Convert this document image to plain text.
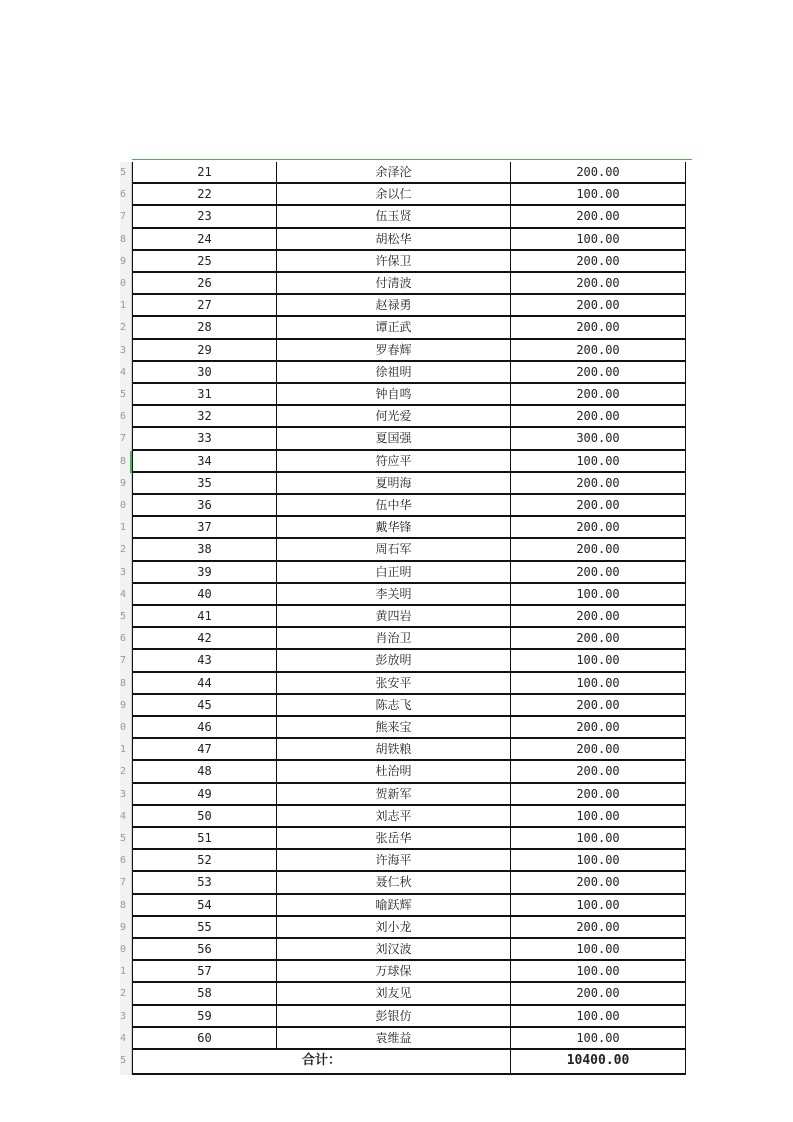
5	21	余泽沦	200.00
6	22	余以仁	100.00
7	23	伍玉贤	200.00
8	24	胡松华	100.00
9	25	许保卫	200.00
0	26	付清波	200.00
1	27	赵禄勇	200.00
2	28	谭正武	200.00
3	29	罗春辉	200.00
4	30	徐祖明	200.00
5	31	钟自鸣	200.00
6	32	何光爱	200.00
7	33	夏国强	300.00
8	34	符应平	100.00
9	35	夏明海	200.00
0	36	伍中华	200.00
1	37	戴华锋	200.00
2	38	周石军	200.00
3	39	白正明	200.00
4	40	李关明	100.00
5	41	黄四岩	200.00
6	42	肖治卫	200.00
7	43	彭放明	100.00
8	44	张安平	100.00
9	45	陈志飞	200.00
0	46	熊来宝	200.00
1	47	胡铁粮	200.00
2	48	杜治明	200.00
3	49	贺新军	200.00
4	50	刘志平	100.00
5	51	张岳华	100.00
6	52	许海平	100.00
7	53	聂仁秋	200.00
8	54	喻跃辉	100.00
9	55	刘小龙	200.00
0	56	刘汉波	100.00
1	57	万球保	100.00
2	58	刘友见	200.00
3	59	彭银仿	100.00
4	60	袁维益	100.00
5	合计：	10400.00
